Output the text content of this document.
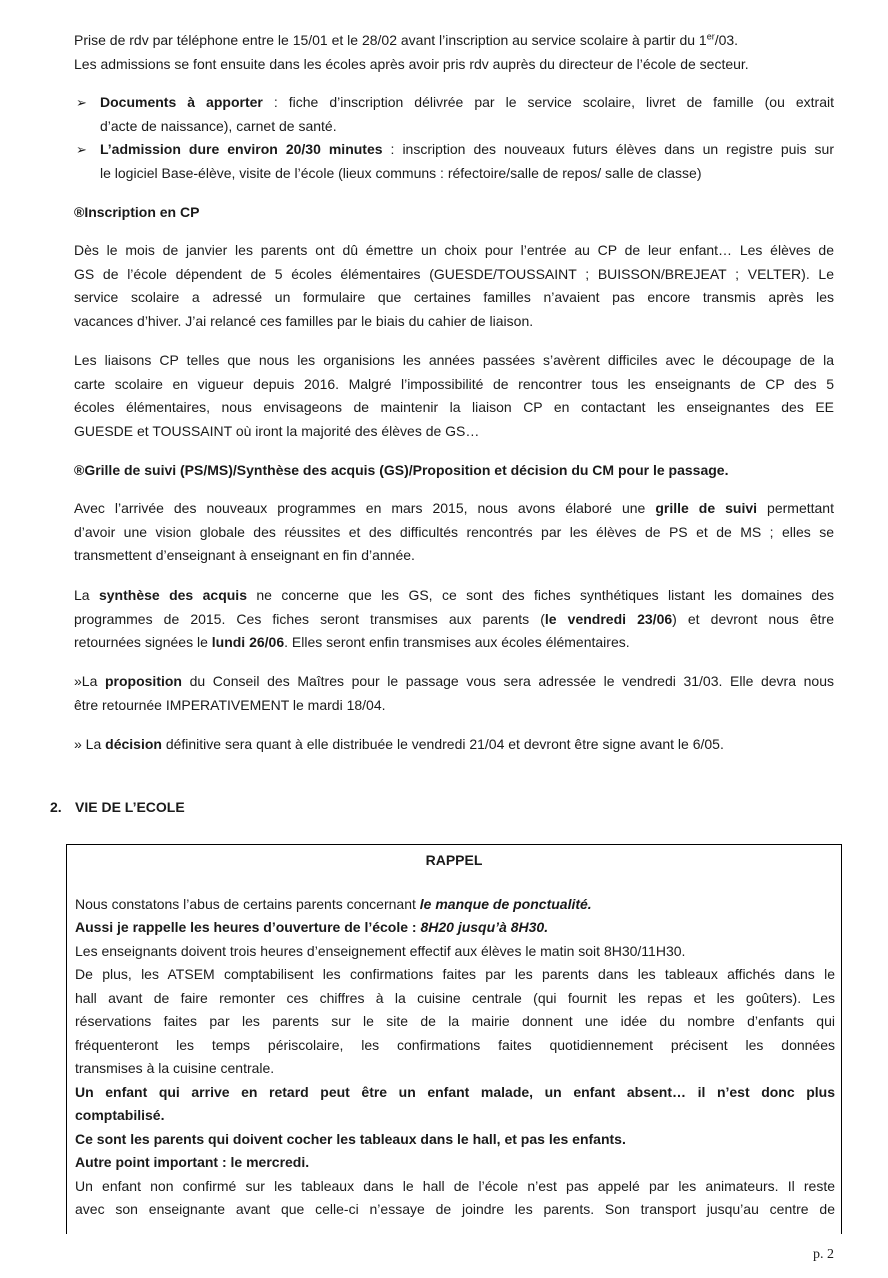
Prise de rdv par téléphone entre le 15/01 et le 28/02 avant l’inscription au service scolaire à partir du 1er/03.
Les admissions se font ensuite dans les écoles après avoir pris rdv auprès du directeur de l’école de secteur.
➢ Documents à apporter : fiche d’inscription délivrée par le service scolaire, livret de famille (ou extrait
d’acte de naissance), carnet de santé.
➢ L’admission dure environ 20/30 minutes : inscription des nouveaux futurs élèves dans un registre puis sur
le logiciel Base-élève, visite de l’école (lieux communs : réfectoire/salle de repos/ salle de classe)
®Inscription en CP
Dès le mois de janvier les parents ont dû émettre un choix pour l’entrée au CP de leur enfant… Les élèves de
GS de l’école dépendent de 5 écoles élémentaires (GUESDE/TOUSSAINT ; BUISSON/BREJEAT ; VELTER). Le
service scolaire a adressé un formulaire que certaines familles n’avaient pas encore transmis après les
vacances d’hiver. J’ai relancé ces familles par le biais du cahier de liaison.
Les liaisons CP telles que nous les organisions les années passées s’avèrent difficiles avec le découpage de la
carte scolaire en vigueur depuis 2016. Malgré l’impossibilité de rencontrer tous les enseignants de CP des 5
écoles élémentaires, nous envisageons de maintenir la liaison CP en contactant les enseignantes des EE
GUESDE et TOUSSAINT où iront la majorité des élèves de GS…
®Grille de suivi (PS/MS)/Synthèse des acquis (GS)/Proposition et décision du CM pour le passage.
Avec l’arrivée des nouveaux programmes en mars 2015, nous avons élaboré une grille de suivi permettant
d’avoir une vision globale des réussites et des difficultés rencontrés par les élèves de PS et de MS ; elles se
transmettent d’enseignant à enseignant en fin d’année.
La synthèse des acquis ne concerne que les GS, ce sont des fiches synthétiques listant les domaines des
programmes de 2015. Ces fiches seront transmises aux parents (le vendredi 23/06) et devront nous être
retournées signées le lundi 26/06. Elles seront enfin transmises aux écoles élémentaires.
»La proposition du Conseil des Maîtres pour le passage vous sera adressée le vendredi 31/03. Elle devra nous
être retournée IMPERATIVEMENT le mardi 18/04.
» La décision définitive sera quant à elle distribuée le vendredi 21/04 et devront être signe avant le 6/05.
2. VIE DE L’ECOLE
RAPPEL
Nous constatons l’abus de certains parents concernant le manque de ponctualité.
Aussi je rappelle les heures d’ouverture de l’école : 8H20 jusqu’à 8H30.
Les enseignants doivent trois heures d’enseignement effectif aux élèves le matin soit 8H30/11H30.
De plus, les ATSEM comptabilisent les confirmations faites par les parents dans les tableaux affichés dans le
hall avant de faire remonter ces chiffres à la cuisine centrale (qui fournit les repas et les goûters). Les
réservations faites par les parents sur le site de la mairie donnent une idée du nombre d’enfants qui
fréquenteront les temps périscolaire, les confirmations faites quotidiennement précisent les données
transmises à la cuisine centrale.
Un enfant qui arrive en retard peut être un enfant malade, un enfant absent… il n’est donc plus
comptabilisé.
Ce sont les parents qui doivent cocher les tableaux dans le hall, et pas les enfants.
Autre point important : le mercredi.
Un enfant non confirmé sur les tableaux dans le hall de l’école n’est pas appelé par les animateurs. Il reste
avec son enseignante avant que celle-ci n’essaye de joindre les parents. Son transport jusqu’au centre de
p. 2
